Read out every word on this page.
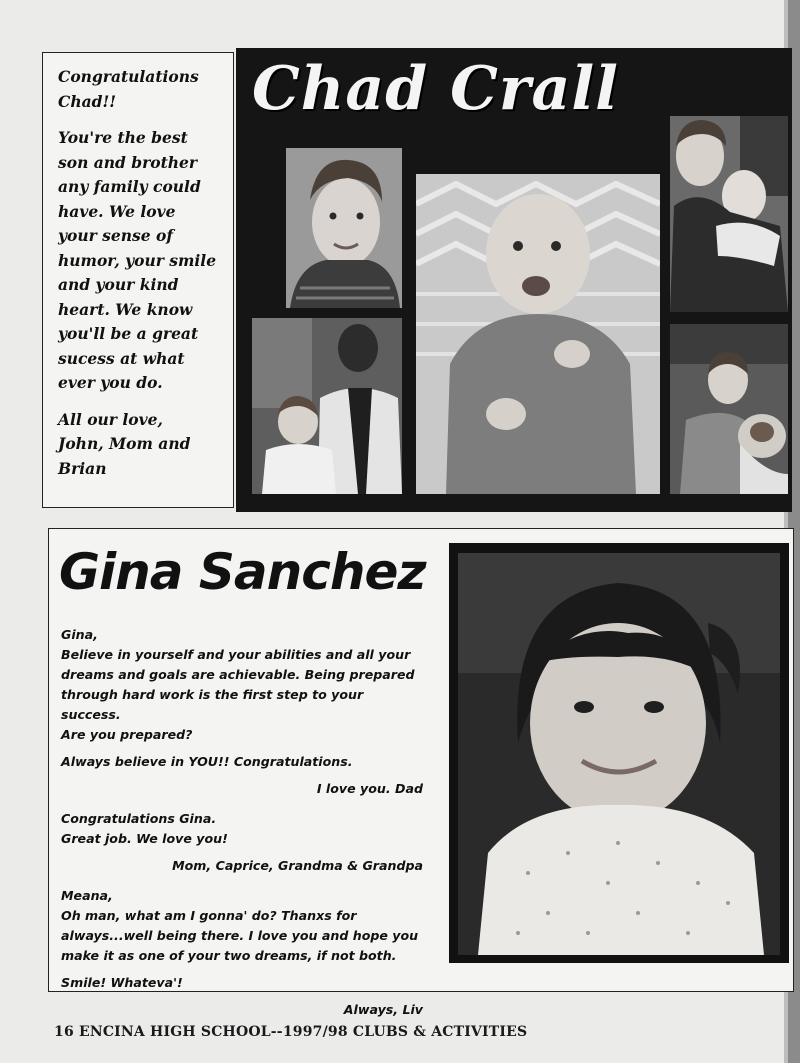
Congratulations
Chad!!

You're the best
son and brother
any family could
have. We love
your sense of
humor, your smile
and your kind
heart. We know
you'll be a great
sucess at what
ever you do.

All our love,
John, Mom and
Brian

Chad Crall
Gina Sanchez

Gina,
Believe in yourself and your abilities and all your
dreams and goals are achievable. Being prepared
through hard work is the first step to your success.
Are you prepared?

Always believe in YOU!! Congratulations.

I love you. Dad

Congratulations Gina.
Great job. We love you!

Mom, Caprice, Grandma & Grandpa

Meana,
Oh man, what am I gonna' do? Thanxs for
always...well being there. I love you and hope you
make it as one of your two dreams, if not both.

Smile! Whateva'!

Always, Liv

16 ENCINA HIGH SCHOOL--1997/98 CLUBS & ACTIVITIES
